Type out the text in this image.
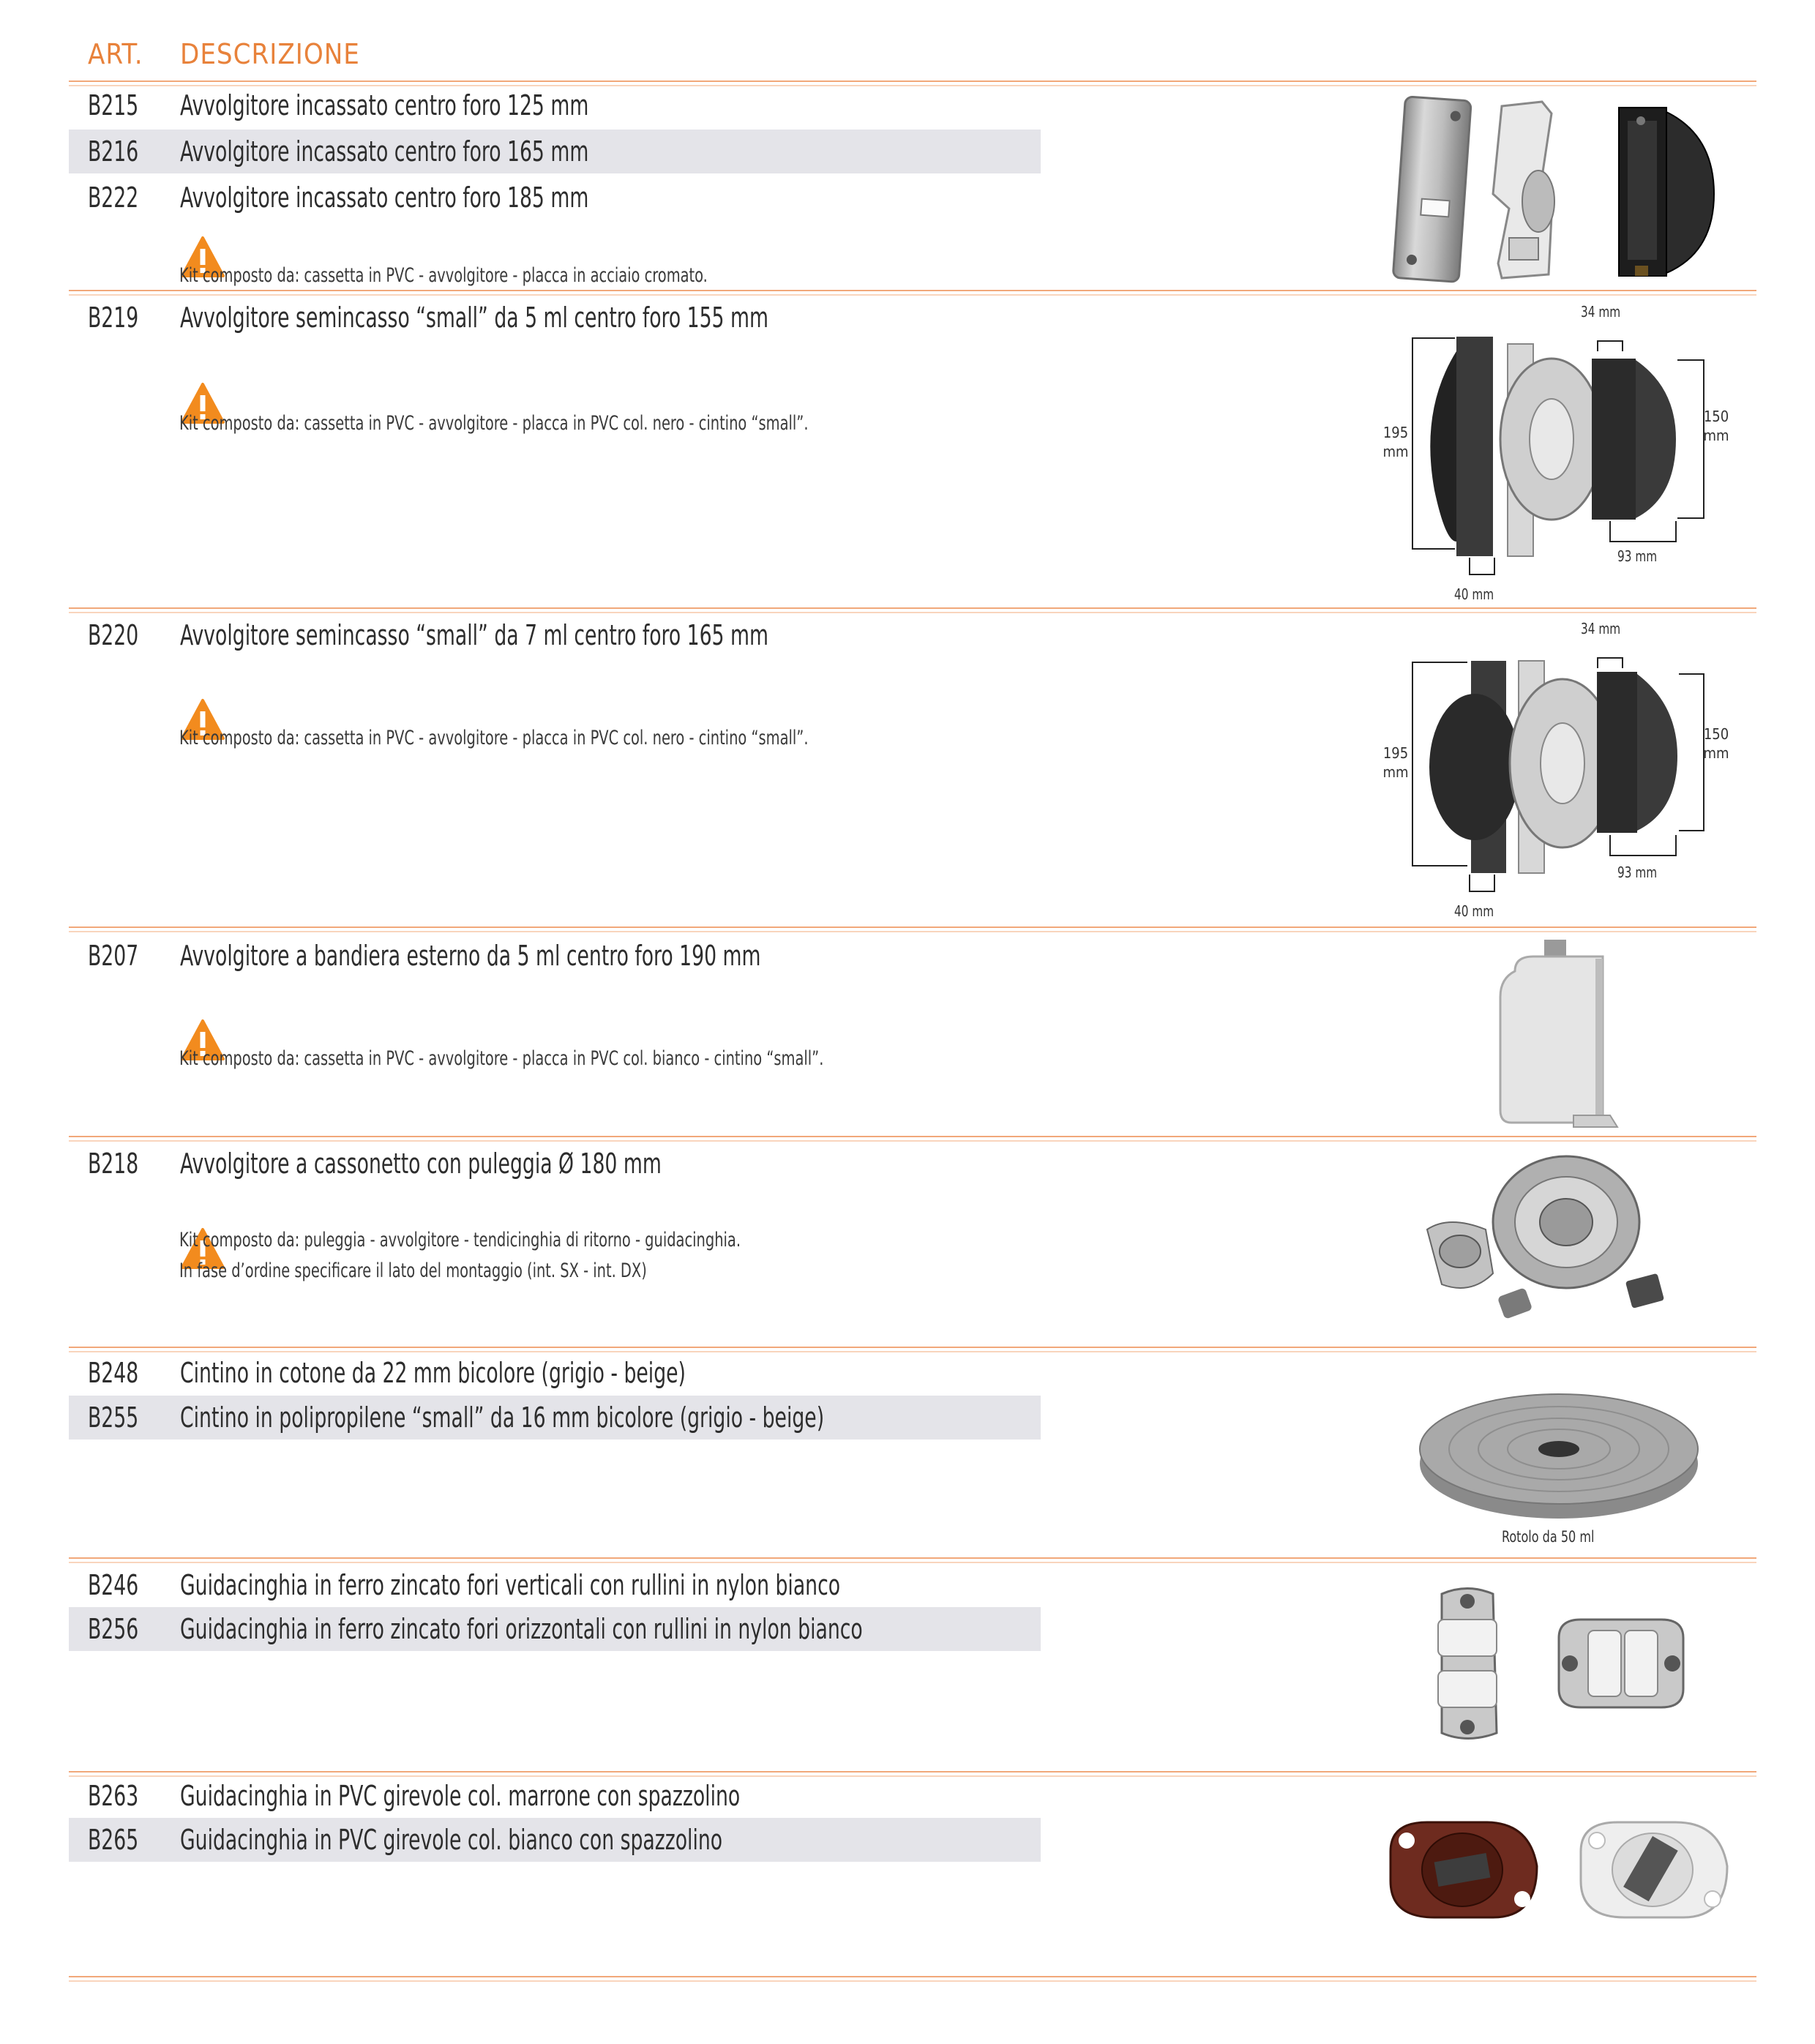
ART. DESCRIZIONE
B215 Avvolgitore incassato centro foro 125 mm
B216 Avvolgitore incassato centro foro 165 mm
B222 Avvolgitore incassato centro foro 185 mm
Kit composto da: cassetta in PVC - avvolgitore - placca in acciaio cromato.
B219 Avvolgitore semincasso “small” da 5 ml centro foro 155 mm
Kit composto da: cassetta in PVC - avvolgitore - placca in PVC col. nero - cintino “small”.
34 mm
195
mm
150
mm
93 mm
40 mm
B220 Avvolgitore semincasso “small” da 7 ml centro foro 165 mm
Kit composto da: cassetta in PVC - avvolgitore - placca in PVC col. nero - cintino “small”.
34 mm
195
mm
150
mm
93 mm
40 mm
B207 Avvolgitore a bandiera esterno da 5 ml centro foro 190 mm
Kit composto da: cassetta in PVC - avvolgitore - placca in PVC col. bianco - cintino “small”.
B218 Avvolgitore a cassonetto con puleggia Ø 180 mm
Kit composto da: puleggia - avvolgitore - tendicinghia di ritorno - guidacinghia.
In fase d’ordine specificare il lato del montaggio (int. SX - int. DX)
B248 Cintino in cotone da 22 mm bicolore (grigio - beige)
B255 Cintino in polipropilene “small” da 16 mm bicolore (grigio - beige)
Rotolo da 50 ml
B246 Guidacinghia in ferro zincato fori verticali con rullini in nylon bianco
B256 Guidacinghia in ferro zincato fori orizzontali con rullini in nylon bianco
B263 Guidacinghia in PVC girevole col. marrone con spazzolino
B265 Guidacinghia in PVC girevole col. bianco con spazzolino
